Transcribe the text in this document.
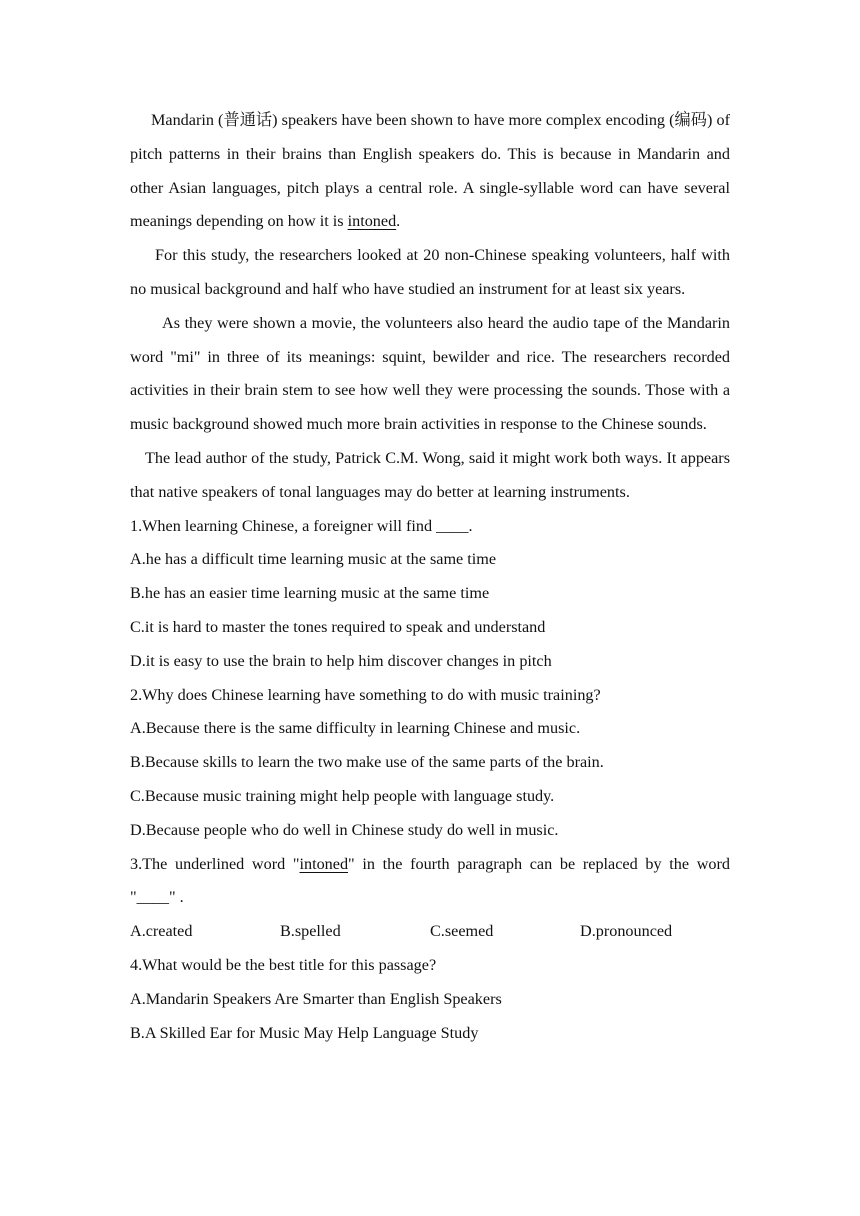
Mandarin (普通话) speakers have been shown to have more complex encoding (编码) of pitch patterns in their brains than English speakers do. This is because in Mandarin and other Asian languages, pitch plays a central role. A single-syllable word can have several meanings depending on how it is intoned.

For this study, the researchers looked at 20 non-Chinese speaking volunteers, half with no musical background and half who have studied an instrument for at least six years.

As they were shown a movie, the volunteers also heard the audio tape of the Mandarin word "mi" in three of its meanings: squint, bewilder and rice. The researchers recorded activities in their brain stem to see how well they were processing the sounds. Those with a music background showed much more brain activities in response to the Chinese sounds.

The lead author of the study, Patrick C.M. Wong, said it might work both ways. It appears that native speakers of tonal languages may do better at learning instruments.

1.When learning Chinese, a foreigner will find ____.

A.he has a difficult time learning music at the same time

B.he has an easier time learning music at the same time

C.it is hard to master the tones required to speak and understand

D.it is easy to use the brain to help him discover changes in pitch

2.Why does Chinese learning have something to do with music training?

A.Because there is the same difficulty in learning Chinese and music.

B.Because skills to learn the two make use of the same parts of the brain.

C.Because music training might help people with language study.

D.Because people who do well in Chinese study do well in music.

3.The underlined word "intoned" in the fourth paragraph can be replaced by the word "____" .

A.created	B.spelled	C.seemed	D.pronounced

4.What would be the best title for this passage?

A.Mandarin Speakers Are Smarter than English Speakers

B.A Skilled Ear for Music May Help Language Study
